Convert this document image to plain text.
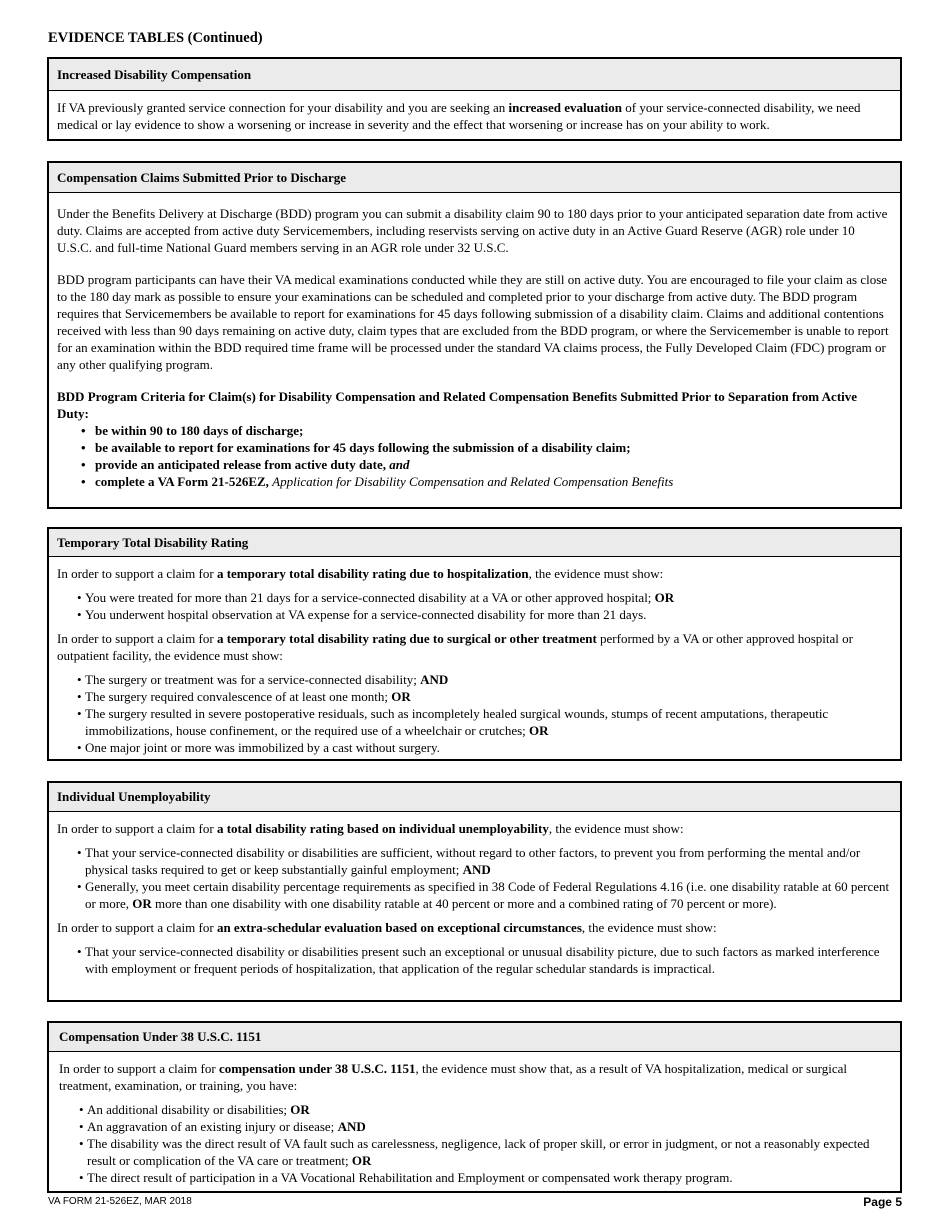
EVIDENCE TABLES (Continued)
Increased Disability Compensation

If VA previously granted service connection for your disability and you are seeking an increased evaluation of your service-connected disability, we need medical or lay evidence to show a worsening or increase in severity and the effect that worsening or increase has on your ability to work.

Compensation Claims Submitted Prior to Discharge

Under the Benefits Delivery at Discharge (BDD) program you can submit a disability claim 90 to 180 days prior to your anticipated separation date from active duty. Claims are accepted from active duty Servicemembers, including reservists serving on active duty in an Active Guard Reserve (AGR) role under 10 U.S.C. and full-time National Guard members serving in an AGR role under 32 U.S.C.

BDD program participants can have their VA medical examinations conducted while they are still on active duty. You are encouraged to file your claim as close to the 180 day mark as possible to ensure your examinations can be scheduled and completed prior to your discharge from active duty. The BDD program requires that Servicemembers be available to report for examinations for 45 days following submission of a disability claim. Claims and additional contentions received with less than 90 days remaining on active duty, claim types that are excluded from the BDD program, or where the Servicemember is unable to report for an examination within the BDD required time frame will be processed under the standard VA claims process, the Fully Developed Claim (FDC) program or any other qualifying program.

BDD Program Criteria for Claim(s) for Disability Compensation and Related Compensation Benefits Submitted Prior to Separation from Active Duty:

• be within 90 to 180 days of discharge;
• be available to report for examinations for 45 days following the submission of a disability claim;
• provide an anticipated release from active duty date, and
• complete a VA Form 21-526EZ, Application for Disability Compensation and Related Compensation Benefits
Temporary Total Disability Rating

In order to support a claim for a temporary total disability rating due to hospitalization, the evidence must show:

• You were treated for more than 21 days for a service-connected disability at a VA or other approved hospital; OR
• You underwent hospital observation at VA expense for a service-connected disability for more than 21 days.

In order to support a claim for a temporary total disability rating due to surgical or other treatment performed by a VA or other approved hospital or outpatient facility, the evidence must show:

• The surgery or treatment was for a service-connected disability; AND
• The surgery required convalescence of at least one month; OR
• The surgery resulted in severe postoperative residuals, such as incompletely healed surgical wounds, stumps of recent amputations, therapeutic immobilizations, house confinement, or the required use of a wheelchair or crutches; OR
• One major joint or more was immobilized by a cast without surgery.
Individual Unemployability

In order to support a claim for a total disability rating based on individual unemployability, the evidence must show:

• That your service-connected disability or disabilities are sufficient, without regard to other factors, to prevent you from performing the mental and/or physical tasks required to get or keep substantially gainful employment; AND
• Generally, you meet certain disability percentage requirements as specified in 38 Code of Federal Regulations 4.16 (i.e. one disability ratable at 60 percent or more, OR more than one disability with one disability ratable at 40 percent or more and a combined rating of 70 percent or more).

In order to support a claim for an extra-schedular evaluation based on exceptional circumstances, the evidence must show:

• That your service-connected disability or disabilities present such an exceptional or unusual disability picture, due to such factors as marked interference with employment or frequent periods of hospitalization, that application of the regular schedular standards is impractical.
Compensation Under 38 U.S.C. 1151

In order to support a claim for compensation under 38 U.S.C. 1151, the evidence must show that, as a result of VA hospitalization, medical or surgical treatment, examination, or training, you have:

• An additional disability or disabilities; OR
• An aggravation of an existing injury or disease; AND
• The disability was the direct result of VA fault such as carelessness, negligence, lack of proper skill, or error in judgment, or not a reasonably expected result or complication of the VA care or treatment; OR
• The direct result of participation in a VA Vocational Rehabilitation and Employment or compensated work therapy program.
VA FORM 21-526EZ, MAR 2018	Page 5
